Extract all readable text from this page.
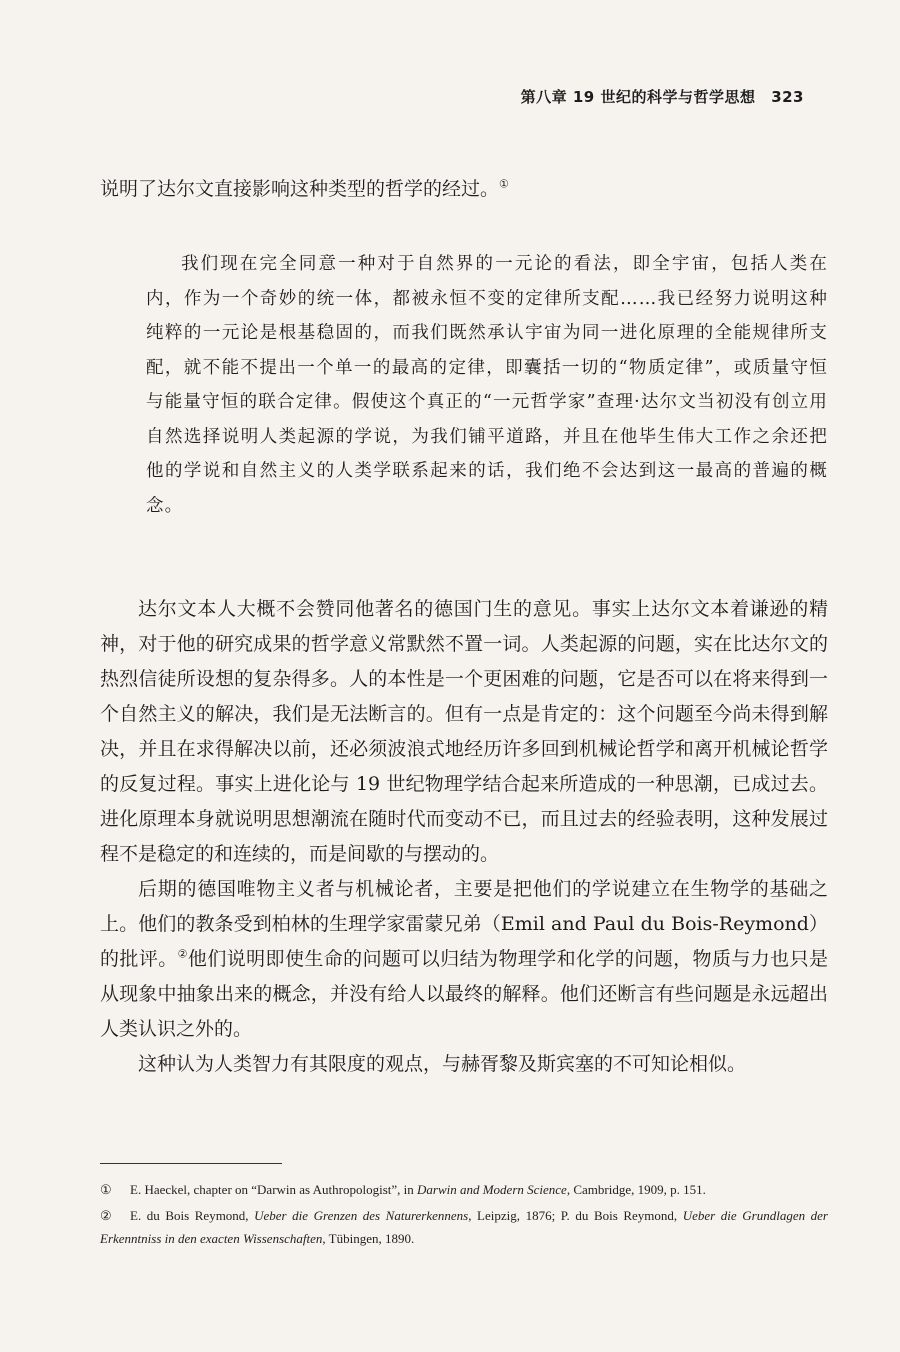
第八章 19 世纪的科学与哲学思想 323

说明了达尔文直接影响这种类型的哲学的经过。①

我们现在完全同意一种对于自然界的一元论的看法，即全宇宙，包括人类在内，作为一个奇妙的统一体，都被永恒不变的定律所支配……我已经努力说明这种纯粹的一元论是根基稳固的，而我们既然承认宇宙为同一进化原理的全能规律所支配，就不能不提出一个单一的最高的定律，即囊括一切的“物质定律”，或质量守恒与能量守恒的联合定律。假使这个真正的“一元哲学家”查理·达尔文当初没有创立用自然选择说明人类起源的学说，为我们铺平道路，并且在他毕生伟大工作之余还把他的学说和自然主义的人类学联系起来的话，我们绝不会达到这一最高的普遍的概念。

达尔文本人大概不会赞同他著名的德国门生的意见。事实上达尔文本着谦逊的精神，对于他的研究成果的哲学意义常默然不置一词。人类起源的问题，实在比达尔文的热烈信徒所设想的复杂得多。人的本性是一个更困难的问题，它是否可以在将来得到一个自然主义的解决，我们是无法断言的。但有一点是肯定的：这个问题至今尚未得到解决，并且在求得解决以前，还必须波浪式地经历许多回到机械论哲学和离开机械论哲学的反复过程。事实上进化论与 19 世纪物理学结合起来所造成的一种思潮，已成过去。进化原理本身就说明思想潮流在随时代而变动不已，而且过去的经验表明，这种发展过程不是稳定的和连续的，而是间歇的与摆动的。

后期的德国唯物主义者与机械论者，主要是把他们的学说建立在生物学的基础之上。他们的教条受到柏林的生理学家雷蒙兄弟（Emil and Paul du Bois-Reymond）的批评。②他们说明即使生命的问题可以归结为物理学和化学的问题，物质与力也只是从现象中抽象出来的概念，并没有给人以最终的解释。他们还断言有些问题是永远超出人类认识之外的。

这种认为人类智力有其限度的观点，与赫胥黎及斯宾塞的不可知论相似。

① E. Haeckel, chapter on “Darwin as Authropologist”, in Darwin and Modern Science, Cambridge, 1909, p. 151.

② E. du Bois Reymond, Ueber die Grenzen des Naturerkennens, Leipzig, 1876; P. du Bois Reymond, Ueber die Grundlagen der Erkenntniss in den exacten Wissenschaften, Tübingen, 1890.
